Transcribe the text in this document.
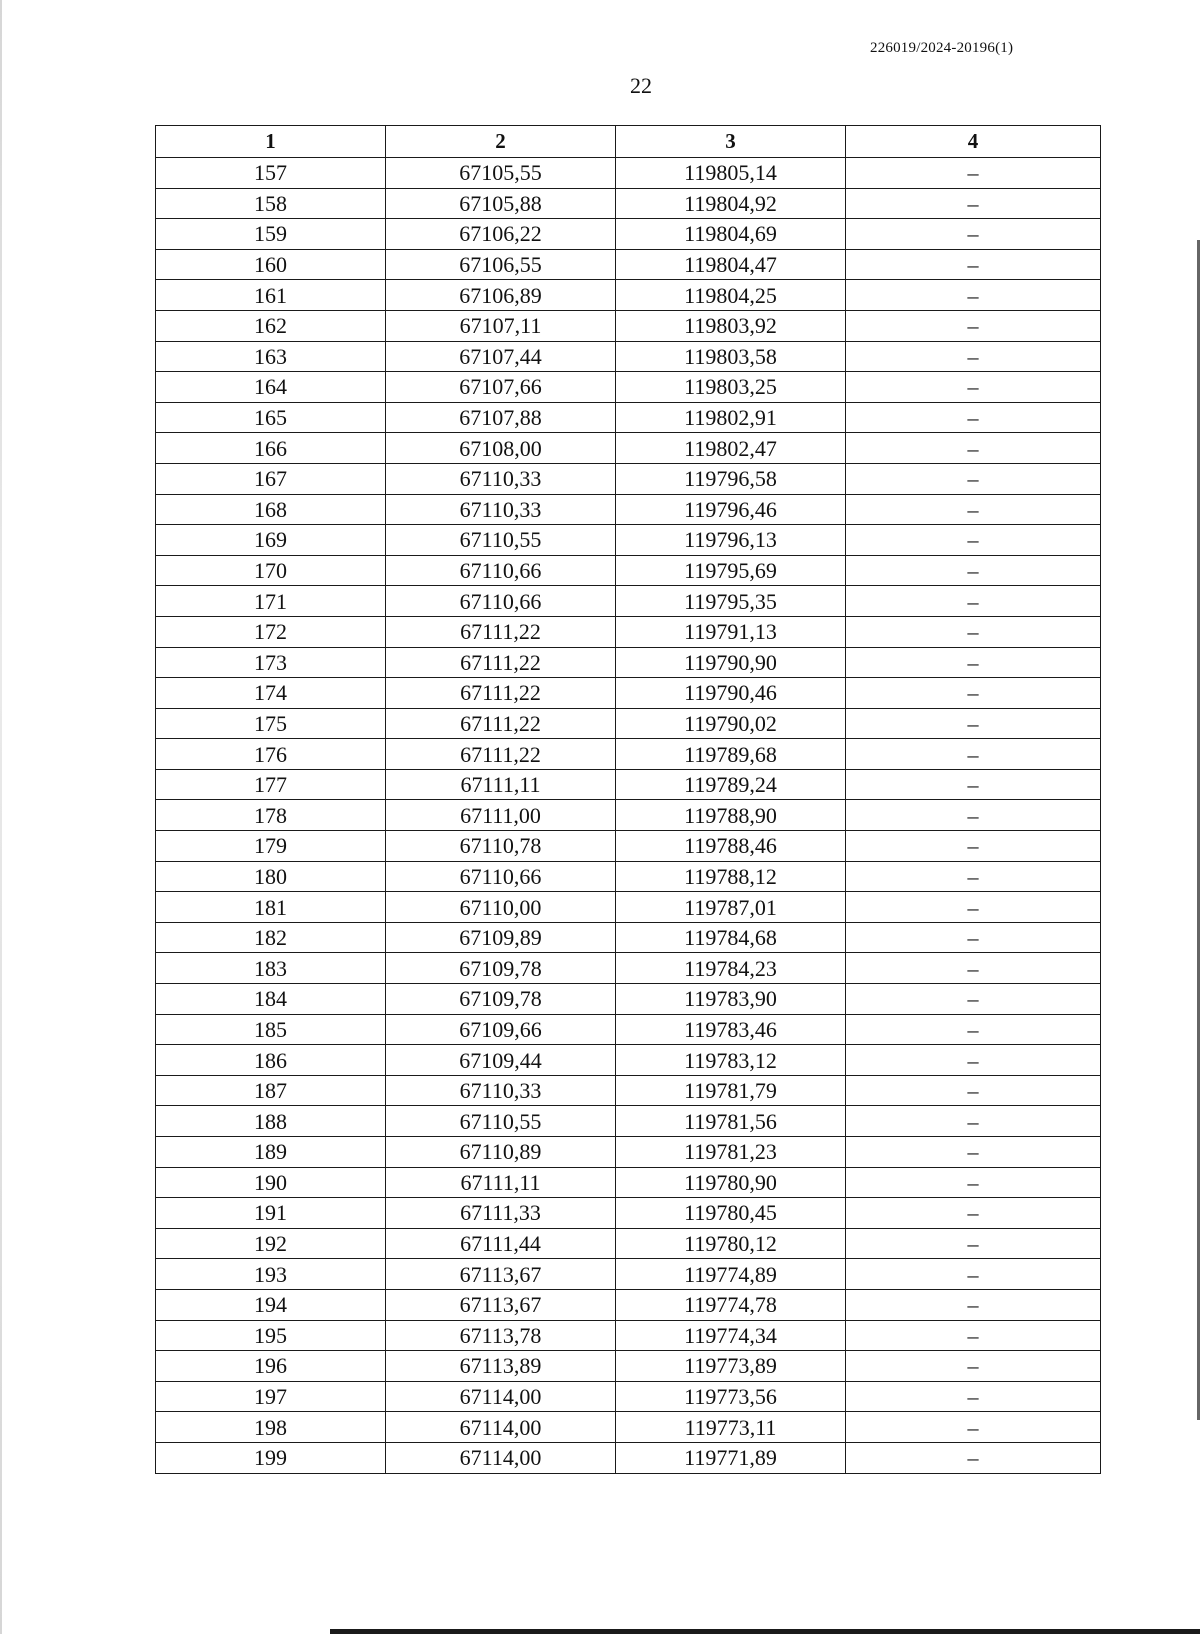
226019/2024-20196(1)
22
1	2	3	4
157	67105,55	119805,14	–
158	67105,88	119804,92	–
159	67106,22	119804,69	–
160	67106,55	119804,47	–
161	67106,89	119804,25	–
162	67107,11	119803,92	–
163	67107,44	119803,58	–
164	67107,66	119803,25	–
165	67107,88	119802,91	–
166	67108,00	119802,47	–
167	67110,33	119796,58	–
168	67110,33	119796,46	–
169	67110,55	119796,13	–
170	67110,66	119795,69	–
171	67110,66	119795,35	–
172	67111,22	119791,13	–
173	67111,22	119790,90	–
174	67111,22	119790,46	–
175	67111,22	119790,02	–
176	67111,22	119789,68	–
177	67111,11	119789,24	–
178	67111,00	119788,90	–
179	67110,78	119788,46	–
180	67110,66	119788,12	–
181	67110,00	119787,01	–
182	67109,89	119784,68	–
183	67109,78	119784,23	–
184	67109,78	119783,90	–
185	67109,66	119783,46	–
186	67109,44	119783,12	–
187	67110,33	119781,79	–
188	67110,55	119781,56	–
189	67110,89	119781,23	–
190	67111,11	119780,90	–
191	67111,33	119780,45	–
192	67111,44	119780,12	–
193	67113,67	119774,89	–
194	67113,67	119774,78	–
195	67113,78	119774,34	–
196	67113,89	119773,89	–
197	67114,00	119773,56	–
198	67114,00	119773,11	–
199	67114,00	119771,89	–
